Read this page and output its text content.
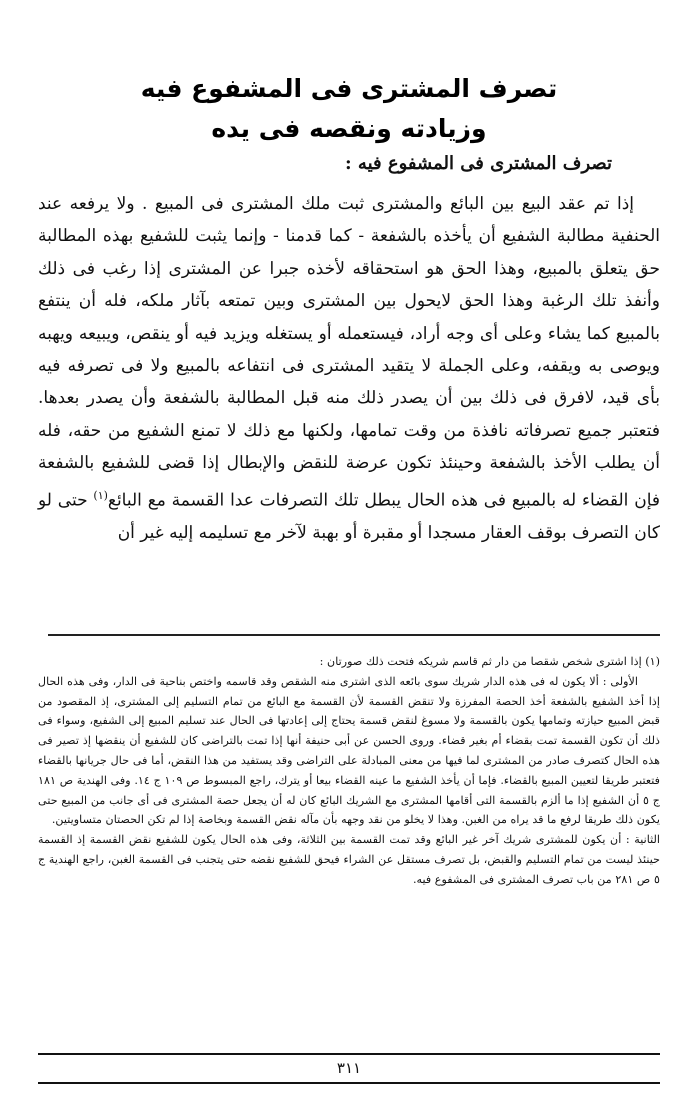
تصرف المشترى فى المشفوع فيه
وزيادته ونقصه فى يده
تصرف المشترى فى المشفوع فيه :

إذا تم عقد البيع بين البائع والمشترى ثبت ملك المشترى فى المبيع . ولا يرفعه عند الحنفية مطالبة الشفيع أن يأخذه بالشفعة - كما قدمنا - وإنما يثبت للشفيع بهذه المطالبة حق يتعلق بالمبيع، وهذا الحق هو استحقاقه لأخذه جبرا عن المشترى إذا رغب فى ذلك وأنفذ تلك الرغبة وهذا الحق لايحول بين المشترى وبين تمتعه بآثار ملكه، فله أن ينتفع بالمبيع كما يشاء وعلى أى وجه أراد، فيستعمله أو يستغله ويزيد فيه أو ينقص، ويبيعه ويهبه ويوصى به ويقفه، وعلى الجملة لا يتقيد المشترى فى انتفاعه بالمبيع ولا فى تصرفه فيه بأى قيد، لافرق فى ذلك بين أن يصدر ذلك منه قبل المطالبة بالشفعة وأن يصدر بعدها. فتعتبر جميع تصرفاته نافذة من وقت تمامها، ولكنها مع ذلك لا تمنع الشفيع من حقه، فله أن يطلب الأخذ بالشفعة وحينئذ تكون عرضة للنقض والإبطال إذا قضى للشفيع بالشفعة فإن القضاء له بالمبيع فى هذه الحال يبطل تلك التصرفات عدا القسمة مع البائع$^{(١)}$ حتى لو كان التصرف بوقف العقار مسجدا أو مقبرة أو بهبة لآخر مع تسليمه إليه غير أن

(١) إذا اشترى شخص شقصا من دار ثم قاسم شريكه فتحت ذلك صورتان :

الأولى : ألا يكون له فى هذه الدار شريك سوى بائعه الذى اشترى منه الشقص وقد قاسمه واختص بناحية فى الدار، وفى هذه الحال إذا أخذ الشفيع بالشفعة أخذ الحصة المفرزة ولا تنقض القسمة لأن القسمة مع البائع من تمام التسليم إلى المشترى، إذ المقصود من قبض المبيع حيازته وتمامها يكون بالقسمة ولا مسوغ لنقض قسمة يحتاج إلى إعادتها فى الحال عند تسليم المبيع إلى الشفيع، وسواء فى ذلك أن تكون القسمة تمت بقضاء أم بغير قضاء. وروى الحسن عن أبى حنيفة أنها إذا تمت بالتراضى كان للشفيع أن ينقضها إذ تصير فى هذه الحال كتصرف صادر من المشترى لما فيها من معنى المبادلة على التراضى وقد يستفيد من هذا النقض، أما فى حال جريانها بالقضاء فتعتبر طريقا لتعيين المبيع بالقضاء. فإما أن يأخذ الشفيع ما عينه القضاء بيعا أو يترك، راجع المبسوط ص ١٠٩ ج ١٤. وفى الهندية ص ١٨١ ج ٥ أن الشفيع إذا ما ألزم بالقسمة التى أقامها المشترى مع الشريك البائع كان له أن يجعل حصة المشترى فى أى جانب من المبيع حتى يكون ذلك طريقا لرفع ما قد يراه من الغبن. وهذا لا يخلو من نقد وجهه بأن مآله نقض القسمة وبخاصة إذا لم تكن الحصتان متساويتين.

الثانية : أن يكون للمشترى شريك آخر غير البائع وقد تمت القسمة بين الثلاثة، وفى هذه الحال يكون للشفيع نقض القسمة إذ القسمة حينئذ ليست من تمام التسليم والقبض، بل تصرف مستقل عن الشراء فيحق للشفيع نقضه حتى يتجنب فى القسمة الغبن، راجع الهندية ج ٥ ص ٢٨١ من باب تصرف المشترى فى المشفوع فيه.

٣١١
